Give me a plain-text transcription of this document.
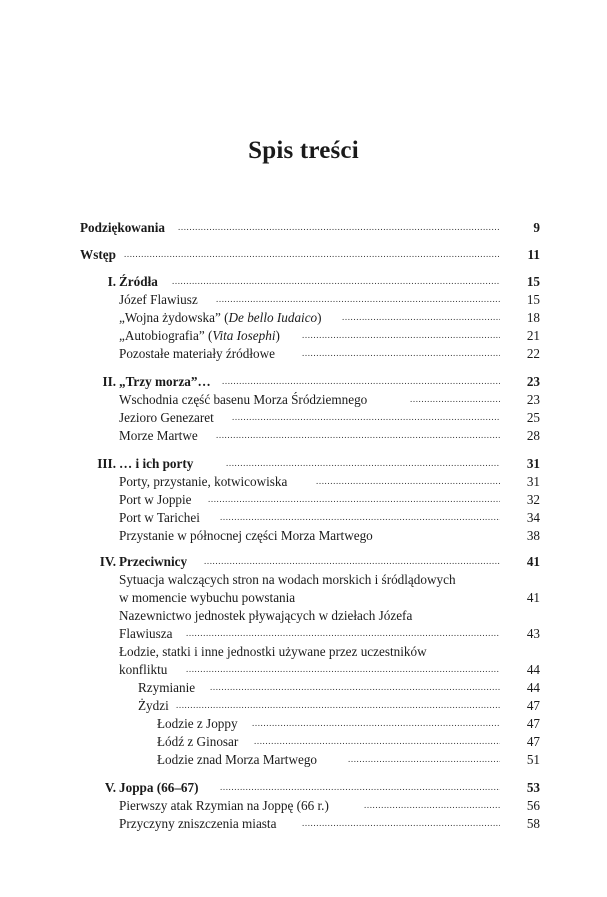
Spis treści
Podziękowania .....	9
Wstęp .....	11
I. Źródła .....	15
Józef Flawiusz .....	15
„Wojna żydowska” (De bello Iudaico) .....	18
„Autobiografia” (Vita Iosephi) .....	21
Pozostałe materiały źródłowe .....	22
II. „Trzy morza”… .....	23
Wschodnia część basenu Morza Śródziemnego .....	23
Jezioro Genezaret .....	25
Morze Martwe .....	28
III. … i ich porty .....	31
Porty, przystanie, kotwicowiska .....	31
Port w Joppie .....	32
Port w Tarichei .....	34
Przystanie w północnej części Morza Martwego	38
IV. Przeciwnicy .....	41
Sytuacja walczących stron na wodach morskich i śródlądowych
w momencie wybuchu powstania	41
Nazewnictwo jednostek pływających w dziełach Józefa
Flawiusza .....	43
Łodzie, statki i inne jednostki używane przez uczestników
konfliktu .....	44
Rzymianie .....	44
Żydzi .....	47
Łodzie z Joppy .....	47
Łódź z Ginosar .....	47
Łodzie znad Morza Martwego .....	51
V. Joppa (66–67) .....	53
Pierwszy atak Rzymian na Joppę (66 r.) .....	56
Przyczyny zniszczenia miasta .....	58
